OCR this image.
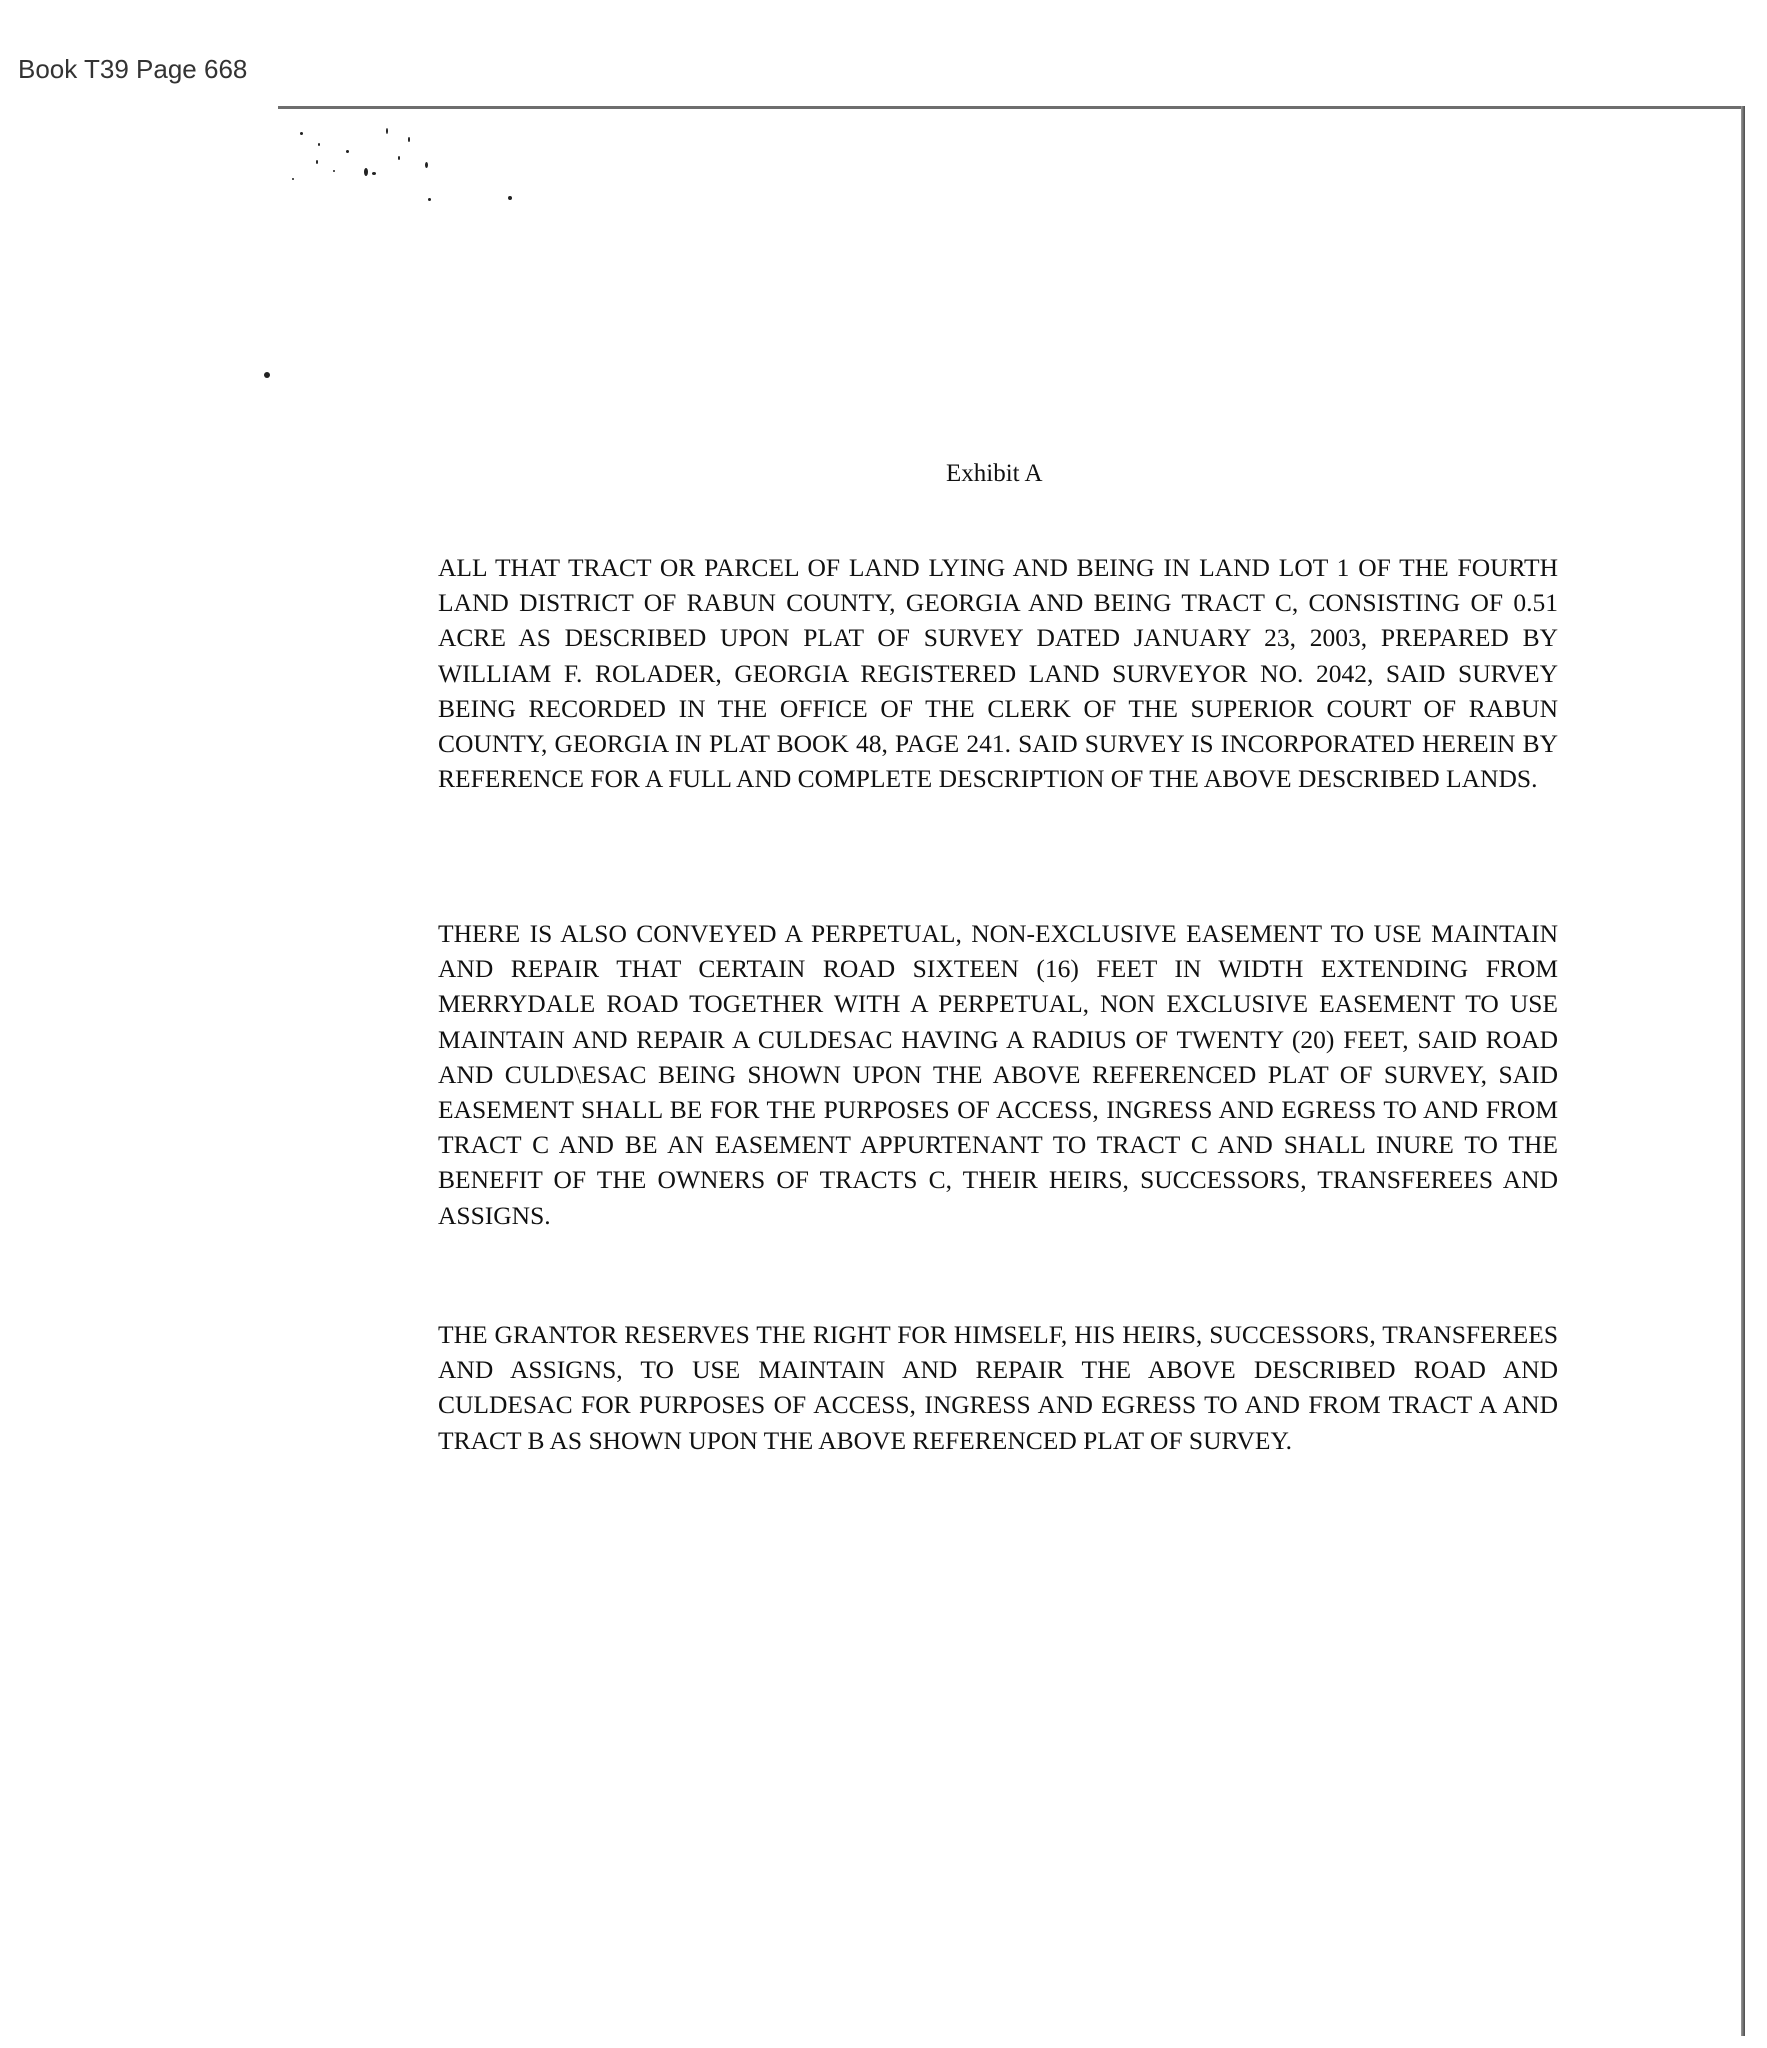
Book T39 Page 668
Exhibit A

ALL THAT TRACT OR PARCEL OF LAND LYING AND BEING IN LAND LOT 1 OF THE FOURTH LAND DISTRICT OF RABUN COUNTY, GEORGIA AND BEING TRACT C, CONSISTING OF 0.51 ACRE AS DESCRIBED UPON PLAT OF SURVEY DATED JANUARY 23, 2003, PREPARED BY WILLIAM F. ROLADER, GEORGIA REGISTERED LAND SURVEYOR NO. 2042, SAID SURVEY BEING RECORDED IN THE OFFICE OF THE CLERK OF THE SUPERIOR COURT OF RABUN COUNTY, GEORGIA IN PLAT BOOK 48, PAGE 241. SAID SURVEY IS INCORPORATED HEREIN BY REFERENCE FOR A FULL AND COMPLETE DESCRIPTION OF THE ABOVE DESCRIBED LANDS.

THERE IS ALSO CONVEYED A PERPETUAL, NON-EXCLUSIVE EASEMENT TO USE MAINTAIN AND REPAIR THAT CERTAIN ROAD SIXTEEN (16) FEET IN WIDTH EXTENDING FROM MERRYDALE ROAD TOGETHER WITH A PERPETUAL, NON EXCLUSIVE EASEMENT TO USE MAINTAIN AND REPAIR A CULDESAC HAVING A RADIUS OF TWENTY (20) FEET, SAID ROAD AND CULD\ESAC BEING SHOWN UPON THE ABOVE REFERENCED PLAT OF SURVEY, SAID EASEMENT SHALL BE FOR THE PURPOSES OF ACCESS, INGRESS AND EGRESS TO AND FROM TRACT C AND BE AN EASEMENT APPURTENANT TO TRACT C AND SHALL INURE TO THE BENEFIT OF THE OWNERS OF TRACTS C, THEIR HEIRS, SUCCESSORS, TRANSFEREES AND ASSIGNS.

THE GRANTOR RESERVES THE RIGHT FOR HIMSELF, HIS HEIRS, SUCCESSORS, TRANSFEREES AND ASSIGNS, TO USE MAINTAIN AND REPAIR THE ABOVE DESCRIBED ROAD AND CULDESAC FOR PURPOSES OF ACCESS, INGRESS AND EGRESS TO AND FROM TRACT A AND TRACT B AS SHOWN UPON THE ABOVE REFERENCED PLAT OF SURVEY.
